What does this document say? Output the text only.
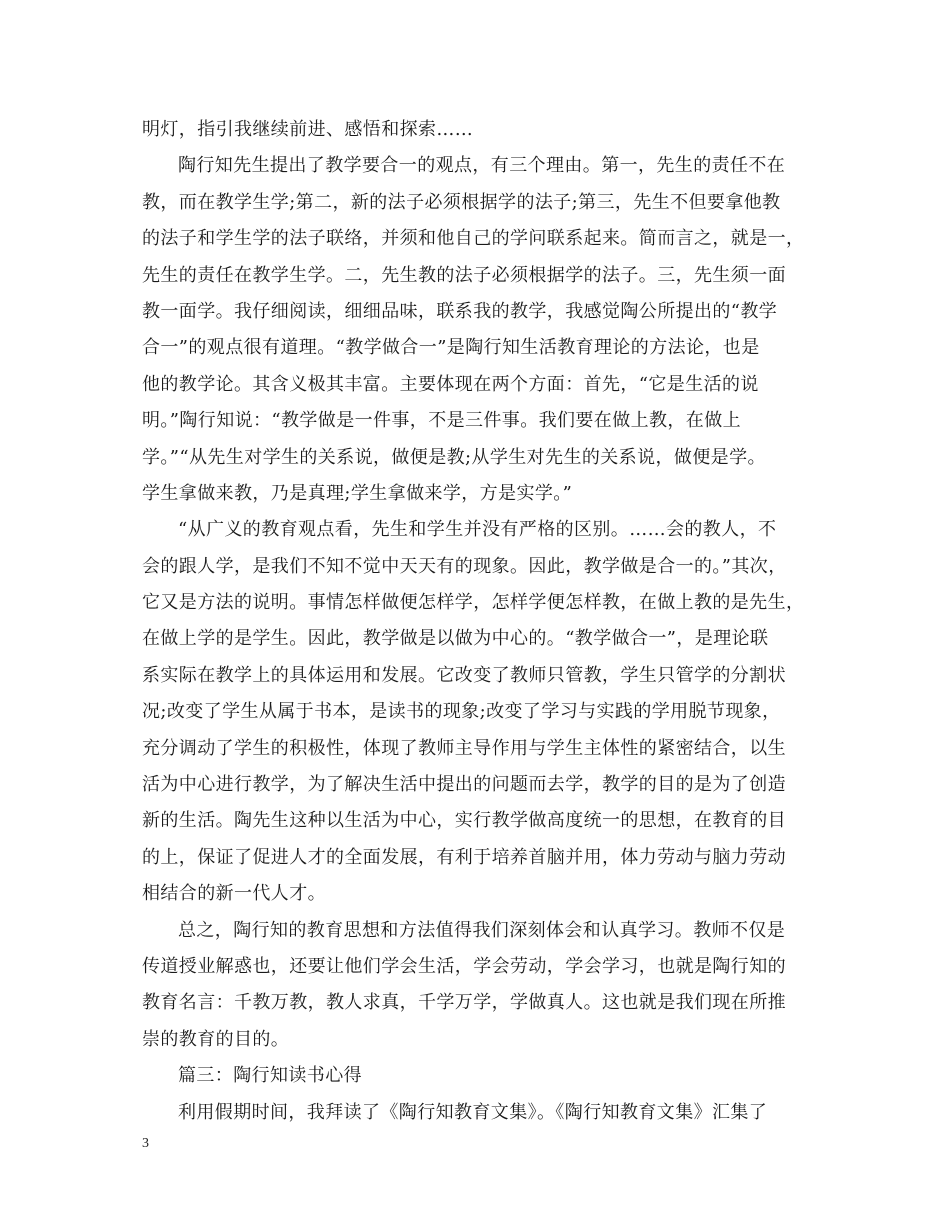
明灯，指引我继续前进、感悟和探索……
陶行知先生提出了教学要合一的观点，有三个理由。第一，先生的责任不在
教，而在教学生学;第二，新的法子必须根据学的法子;第三，先生不但要拿他教
的法子和学生学的法子联络，并须和他自己的学问联系起来。简而言之，就是一，
先生的责任在教学生学。二，先生教的法子必须根据学的法子。三，先生须一面
教一面学。我仔细阅读，细细品味，联系我的教学，我感觉陶公所提出的“教学
合一”的观点很有道理。“教学做合一”是陶行知生活教育理论的方法论，也是
他的教学论。其含义极其丰富。主要体现在两个方面：首先，“它是生活的说
明。”陶行知说：“教学做是一件事，不是三件事。我们要在做上教，在做上
学。”“从先生对学生的关系说，做便是教;从学生对先生的关系说，做便是学。
学生拿做来教，乃是真理;学生拿做来学，方是实学。”
“从广义的教育观点看，先生和学生并没有严格的区别。……会的教人，不
会的跟人学，是我们不知不觉中天天有的现象。因此，教学做是合一的。”其次，
它又是方法的说明。事情怎样做便怎样学，怎样学便怎样教，在做上教的是先生，
在做上学的是学生。因此，教学做是以做为中心的。“教学做合一”，是理论联
系实际在教学上的具体运用和发展。它改变了教师只管教，学生只管学的分割状
况;改变了学生从属于书本，是读书的现象;改变了学习与实践的学用脱节现象，
充分调动了学生的积极性，体现了教师主导作用与学生主体性的紧密结合，以生
活为中心进行教学，为了解决生活中提出的问题而去学，教学的目的是为了创造
新的生活。陶先生这种以生活为中心，实行教学做高度统一的思想，在教育的目
的上，保证了促进人才的全面发展，有利于培养首脑并用，体力劳动与脑力劳动
相结合的新一代人才。
总之，陶行知的教育思想和方法值得我们深刻体会和认真学习。教师不仅是
传道授业解惑也，还要让他们学会生活，学会劳动，学会学习，也就是陶行知的
教育名言：千教万教，教人求真，千学万学，学做真人。这也就是我们现在所推
崇的教育的目的。
篇三：陶行知读书心得
利用假期时间，我拜读了《陶行知教育文集》。《陶行知教育文集》汇集了
3
